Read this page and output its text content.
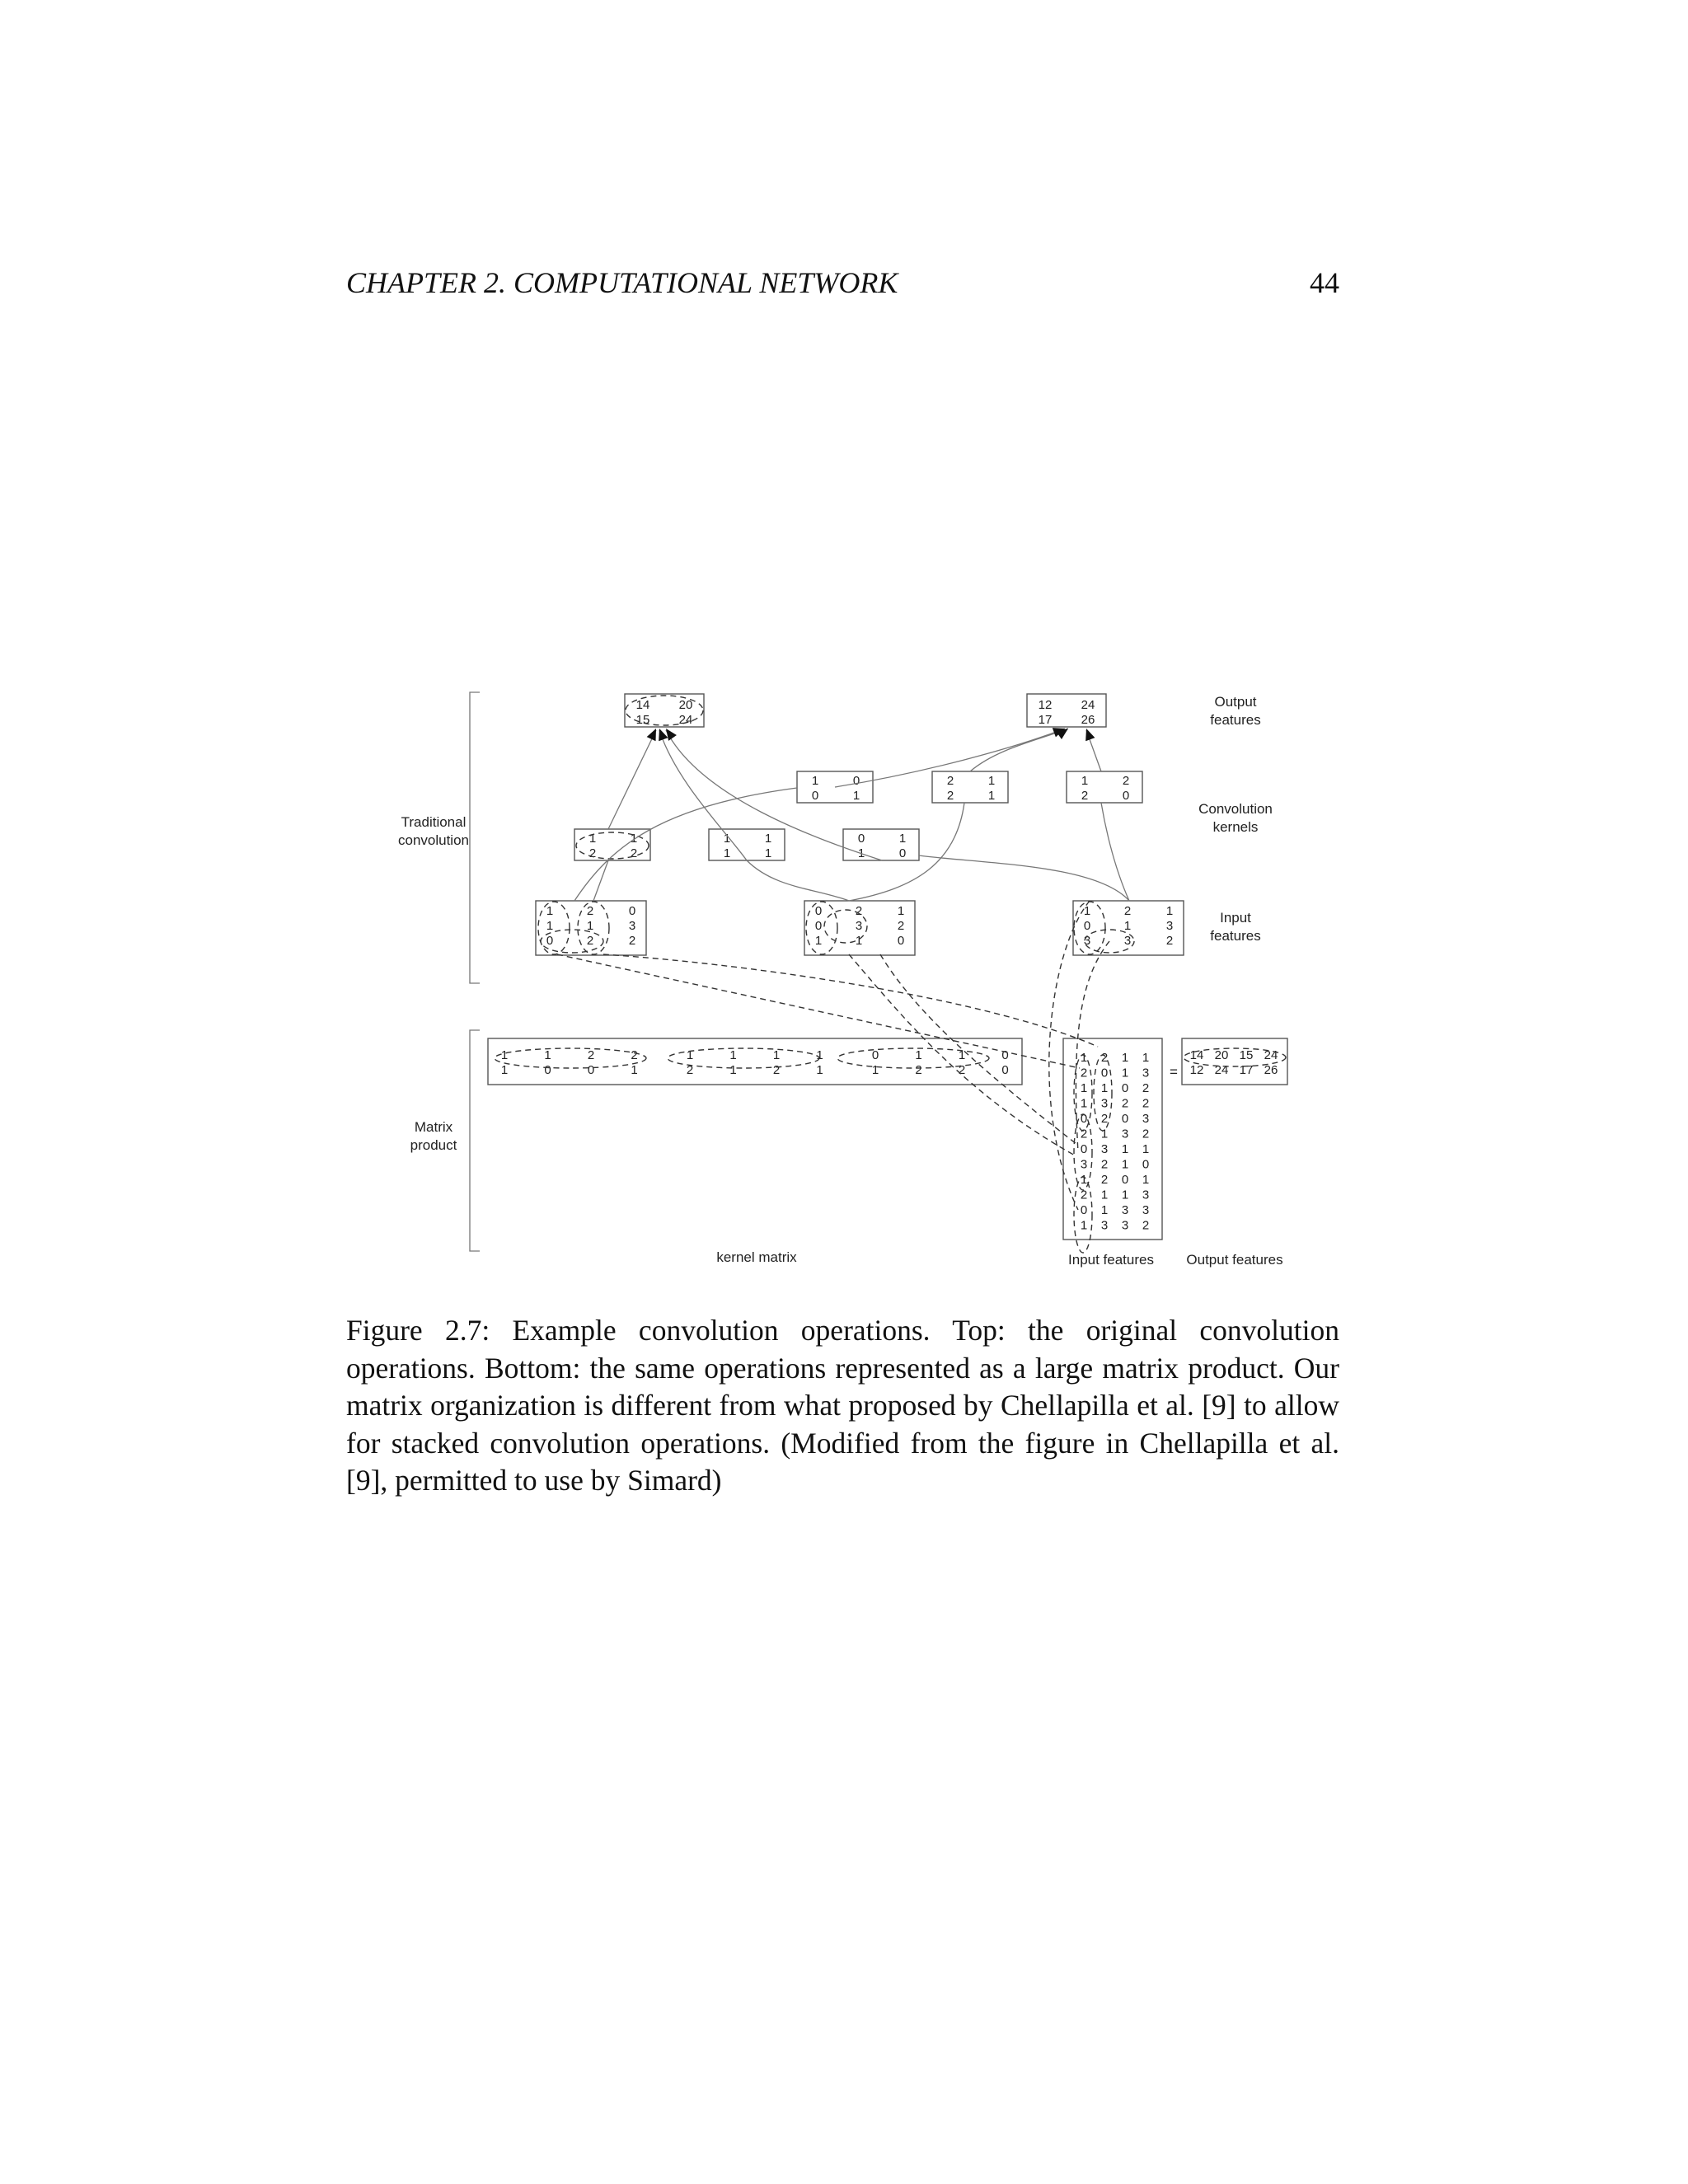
CHAPTER 2. COMPUTATIONAL NETWORK	44
Traditional
convolution
Matrix
product
Output
features
Convolution
kernels
Input
features
14 20
15 24
12 24
17 26
1	1
2	2
1	1
1	1
0	1
1	0
1	0
0	1
2	1
2	1
1	2
2	0
1	2	0
1	1	3
0	2	2
0	2	1
0	3	2
1	1	0
1	2	1
0	1	3
3	3	2
1	1	2	2	1	1	1	1	0	1	1	0
1	0	0	1	2	1	2	1	1	2	2	0
1 2 1 1
2 0 1 3
1 1 0 2
1 3 2 2
0 2 0 3
2 1 3 2
0 3 1 1
3 2 1 0
1 2 0 1
2 1 1 3
0 1 3 3
1 3 3 2
=
14 20 15 24
12 24 17 26
kernel matrix	Input features Output features
Figure 2.7: Example convolution operations. Top: the original convolution operations. Bottom: the same operations represented as a large matrix product. Our matrix organization is different from what proposed by Chellapilla et al. [9] to allow for stacked convolution operations. (Modified from the figure in Chellapilla et al. [9], permitted to use by Simard)
